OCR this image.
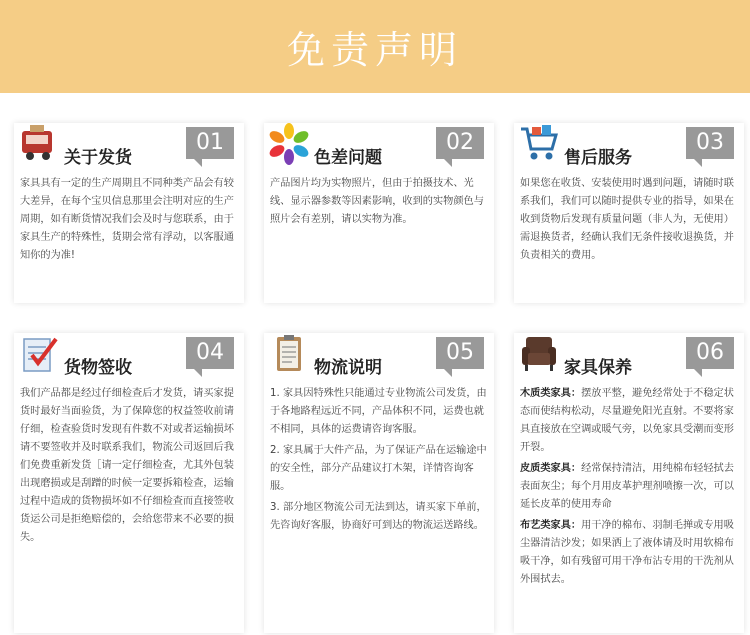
免责声明
关于发货
01

家具具有一定的生产周期且不同种类产品会有较大差异，在每个宝贝信息那里会注明对应的生产周期，如有断货情况我们会及时与您联系，由于家具生产的特殊性，货期会常有浮动，以客服通知你的为准!

色差问题
02

产品图片均为实物照片，但由于拍摄技术、光线、显示器参数等因素影响，收到的实物颜色与照片会有差别，请以实物为准。

售后服务
03

如果您在收货、安装使用时遇到问题，请随时联系我们，我们可以随时提供专业的指导，如果在收到货物后发现有质量问题（非人为，无使用）需退换货者，经确认我们无条件接收退换货，并负责相关的费用。

货物签收
04

我们产品都是经过仔细检查后才发货，请买家提货时最好当面验货，为了保障您的权益签收前请仔细，检查验货时发现有件数不对或者运输损坏请不要签收并及时联系我们，物流公司返回后我们免费重新发货［请一定仔细检查，尤其外包装出现磨损或是刮蹭的时候一定要拆箱检查，运输过程中造成的货物损坏如不仔细检查而直接签收货运公司是拒绝赔偿的，会给您带来不必要的损失。

物流说明
05

1. 家具因特殊性只能通过专业物流公司发货，由于各地路程远近不同，产品体积不同，运费也就不相同，具体的运费请咨询客服。

2. 家具属于大件产品，为了保证产品在运输途中的安全性，部分产品建议打木架，详情咨询客服。

3. 部分地区物流公司无法到达，请买家下单前，先咨询好客服，协商好可到达的物流运送路线。

家具保养
06

木质类家具：摆放平整，避免经常处于不稳定状态而使结构松动，尽量避免阳光直射。不要将家具直接放在空调或暖气旁，以免家具受潮而变形开裂。

皮质类家具：经常保持清洁，用纯棉布轻轻拭去表面灰尘；每个月用皮革护理剂喷擦一次，可以延长皮革的使用寿命

布艺类家具：用干净的棉布、羽制毛掸或专用吸尘器清洁沙发；如果洒上了液体请及时用软棉布吸干净，如有残留可用干净布沾专用的干洗剂从外围拭去。
